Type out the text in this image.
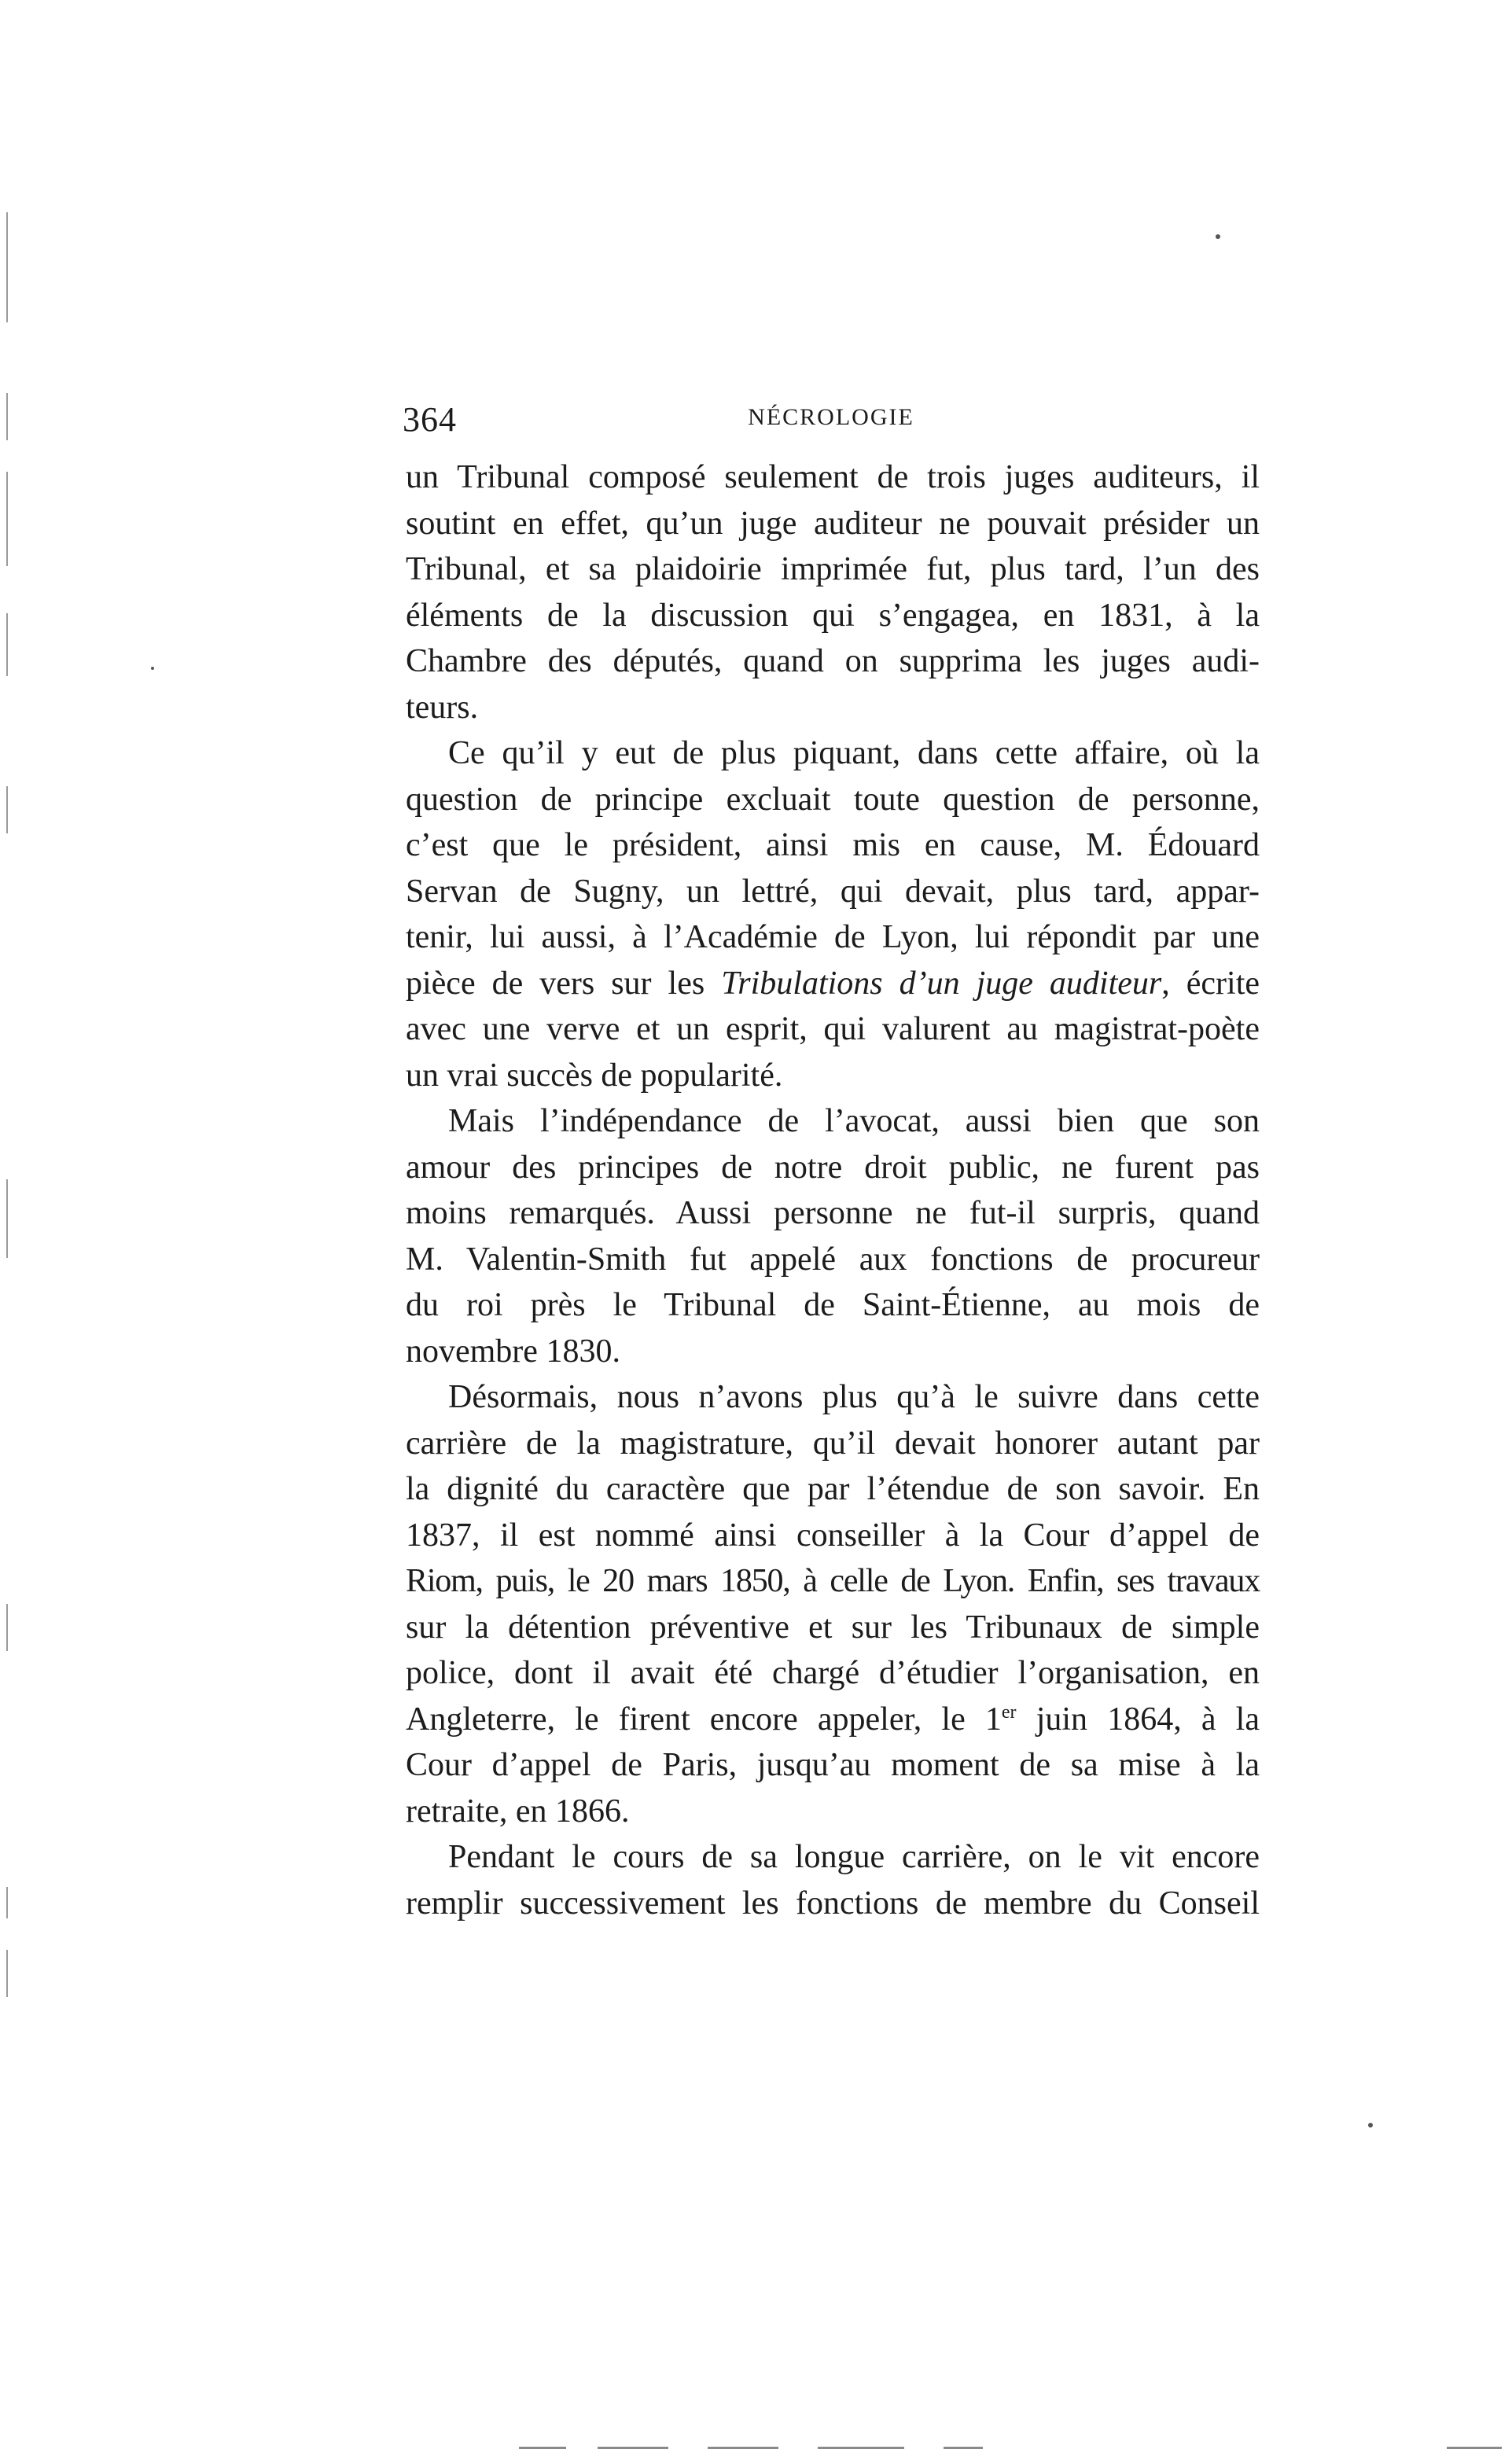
364	NÉCROLOGIE
un Tribunal composé seulement de trois juges auditeurs, il
soutint en effet, qu’un juge auditeur ne pouvait présider un
Tribunal, et sa plaidoirie imprimée fut, plus tard, l’un des
éléments de la discussion qui s’engagea, en 1831, à la
Chambre des députés, quand on supprima les juges audi-
teurs.
Ce qu’il y eut de plus piquant, dans cette affaire, où la
question de principe excluait toute question de personne,
c’est que le président, ainsi mis en cause, M. Édouard
Servan de Sugny, un lettré, qui devait, plus tard, appar-
tenir, lui aussi, à l’Académie de Lyon, lui répondit par une
pièce de vers sur les Tribulations d’un juge auditeur, écrite
avec une verve et un esprit, qui valurent au magistrat-poète
un vrai succès de popularité.
Mais l’indépendance de l’avocat, aussi bien que son
amour des principes de notre droit public, ne furent pas
moins remarqués. Aussi personne ne fut-il surpris, quand
M. Valentin-Smith fut appelé aux fonctions de procureur
du roi près le Tribunal de Saint-Étienne, au mois de
novembre 1830.
Désormais, nous n’avons plus qu’à le suivre dans cette
carrière de la magistrature, qu’il devait honorer autant par
la dignité du caractère que par l’étendue de son savoir. En
1837, il est nommé ainsi conseiller à la Cour d’appel de
Riom, puis, le 20 mars 1850, à celle de Lyon. Enfin, ses travaux
sur la détention préventive et sur les Tribunaux de simple
police, dont il avait été chargé d’étudier l’organisation, en
Angleterre, le firent encore appeler, le 1er juin 1864, à la
Cour d’appel de Paris, jusqu’au moment de sa mise à la
retraite, en 1866.
Pendant le cours de sa longue carrière, on le vit encore
remplir successivement les fonctions de membre du Conseil
